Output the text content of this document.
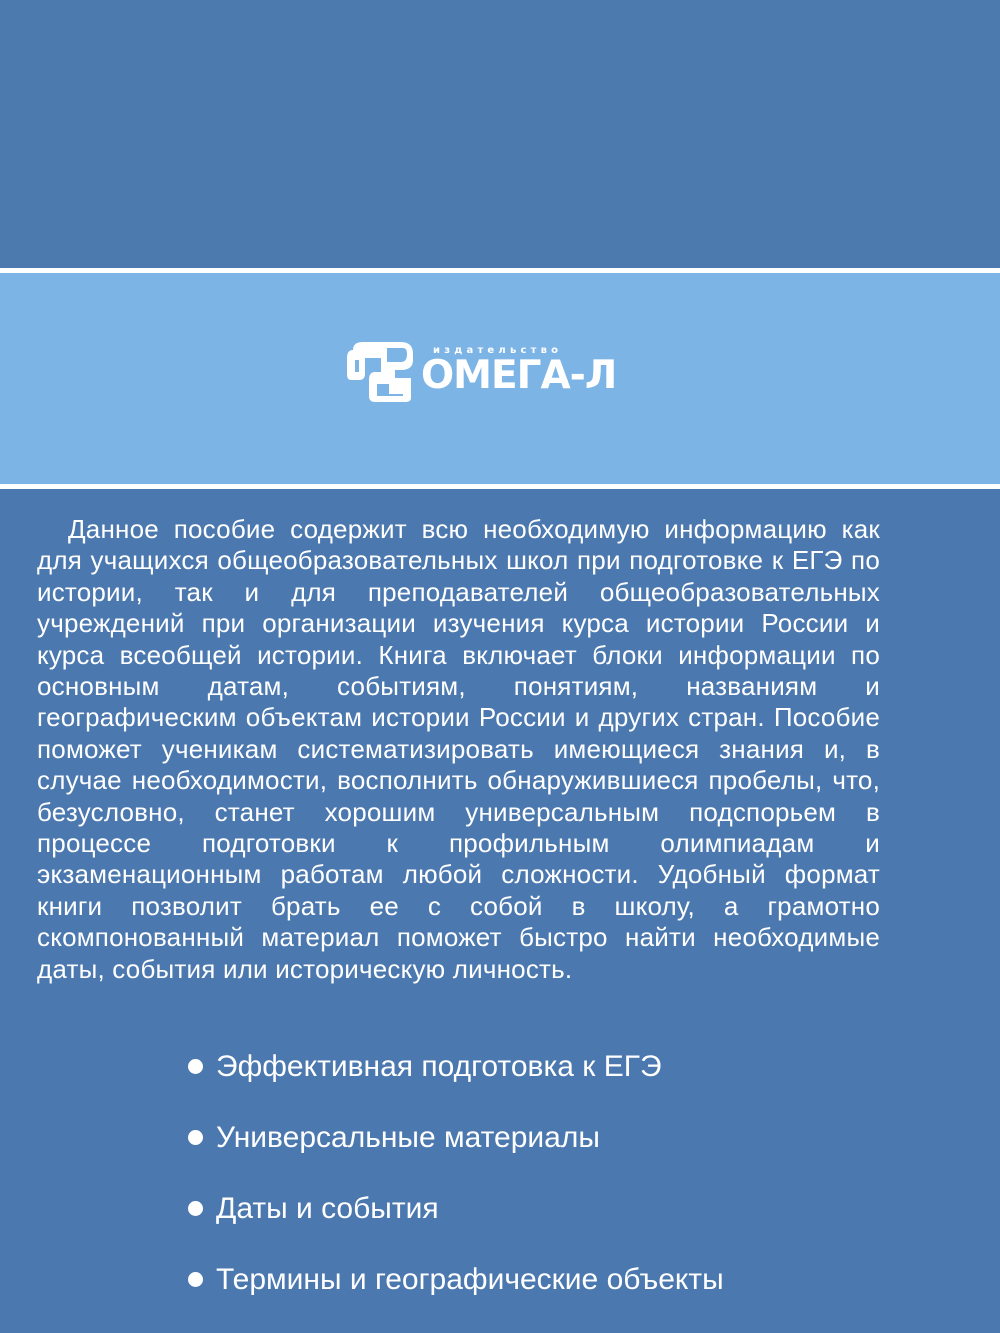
издательство
ОМЕГА-Л

Данное пособие содержит всю необходимую информацию как для учащихся общеобразовательных школ при подготовке к ЕГЭ по истории, так и для преподавателей общеобразовательных учреждений при организации изучения курса истории России и курса всеобщей истории. Книга включает блоки информации по основным датам, событиям, понятиям, названиям и географическим объектам истории России и других стран. Пособие поможет ученикам систематизировать имеющиеся знания и, в случае необходимости, восполнить обнаружившиеся пробелы, что, безусловно, станет хорошим универсальным подспорьем в процессе подготовки к профильным олимпиадам и экзаменационным работам любой сложности. Удобный формат книги позволит брать ее с собой в школу, а грамотно скомпонованный материал поможет быстро найти необходимые даты, события или историческую личность.

Эффективная подготовка к ЕГЭ
Универсальные материалы
Даты и события
Термины и географические объекты
